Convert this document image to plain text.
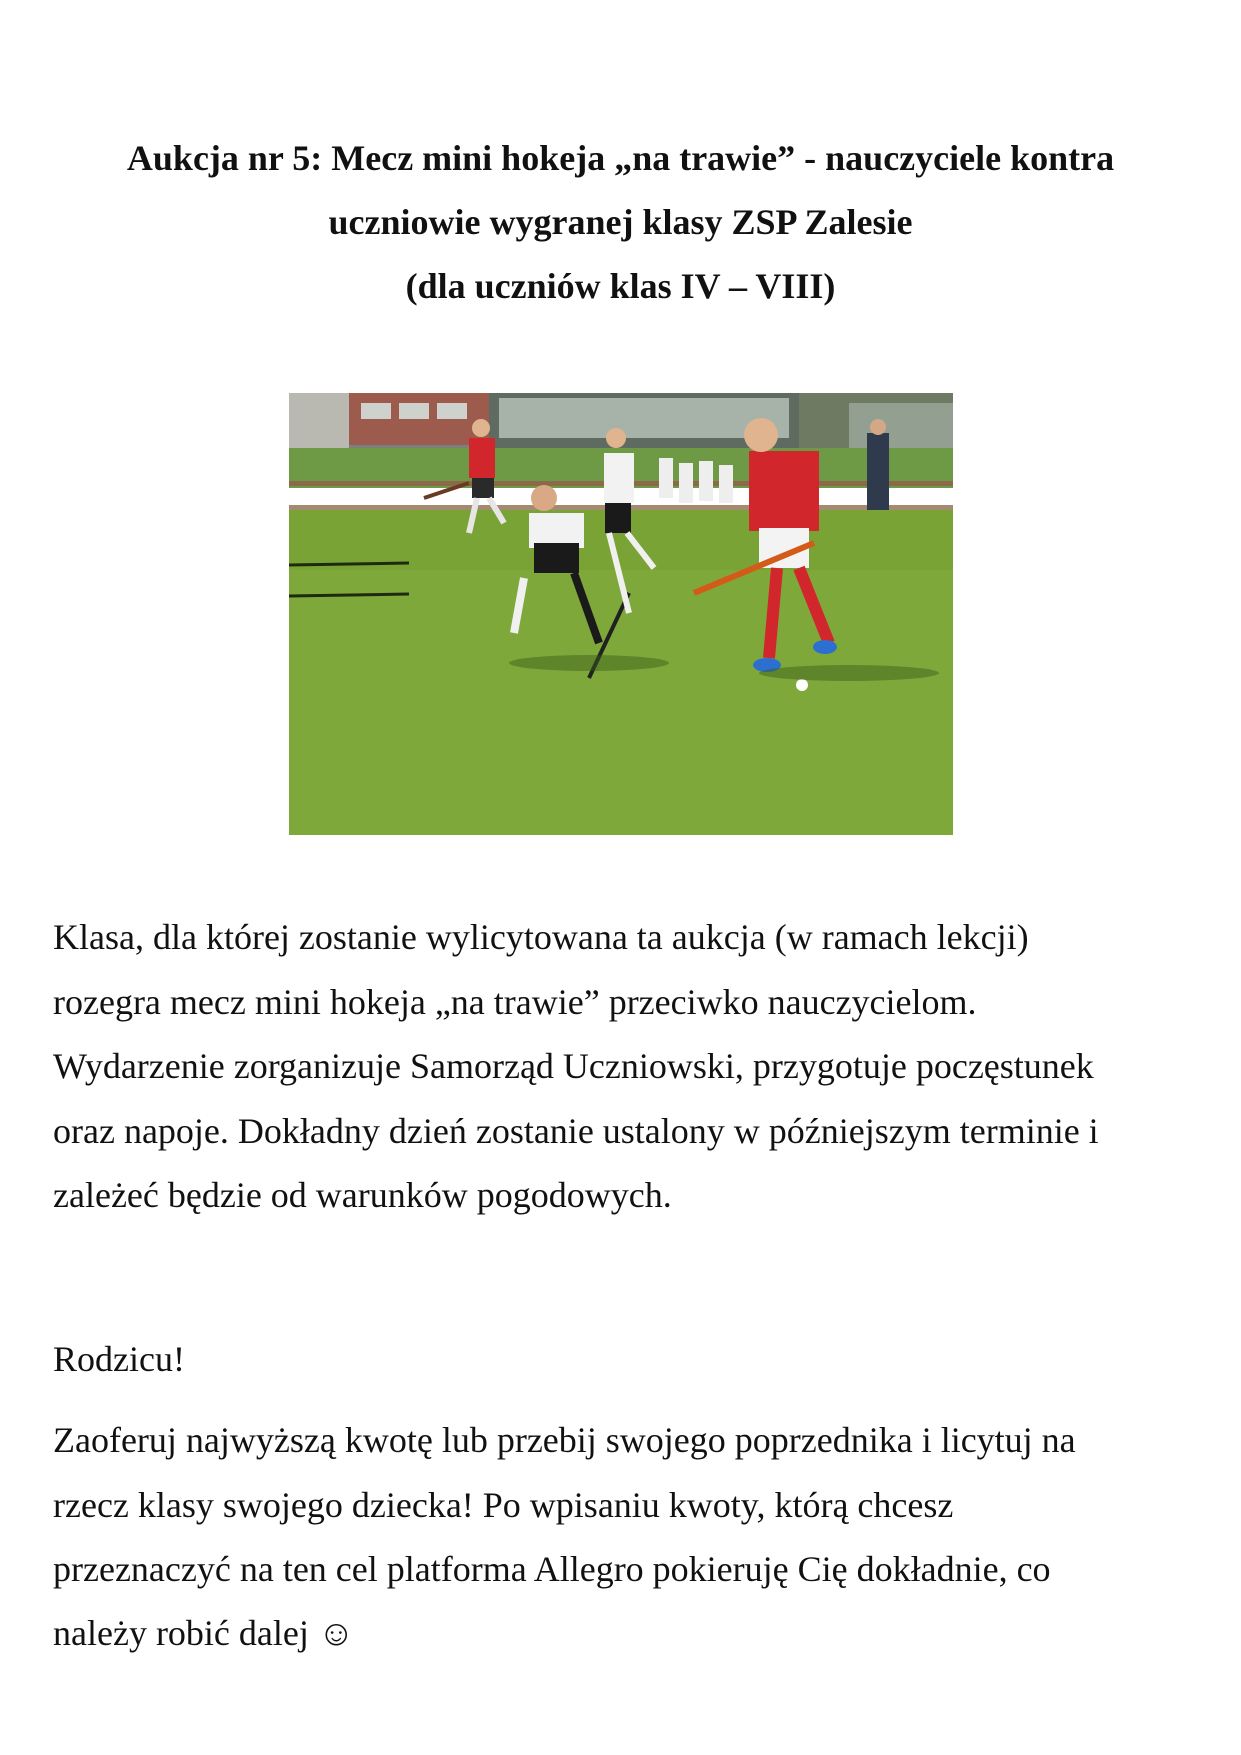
Aukcja nr 5: Mecz mini hokeja „na trawie” - nauczyciele kontra
uczniowie wygranej klasy ZSP Zalesie
(dla uczniów klas IV – VIII)

Klasa, dla której zostanie wylicytowana ta aukcja (w ramach lekcji)

rozegra mecz mini hokeja „na trawie” przeciwko nauczycielom.

Wydarzenie zorganizuje Samorząd Uczniowski, przygotuje poczęstunek

oraz napoje. Dokładny dzień zostanie ustalony w późniejszym terminie i

zależeć będzie od warunków pogodowych.

Rodzicu!

Zaoferuj najwyższą kwotę lub przebij swojego poprzednika i licytuj na

rzecz klasy swojego dziecka! Po wpisaniu kwoty, którą chcesz

przeznaczyć na ten cel platforma Allegro pokieruję Cię dokładnie, co

należy robić dalej ☺
